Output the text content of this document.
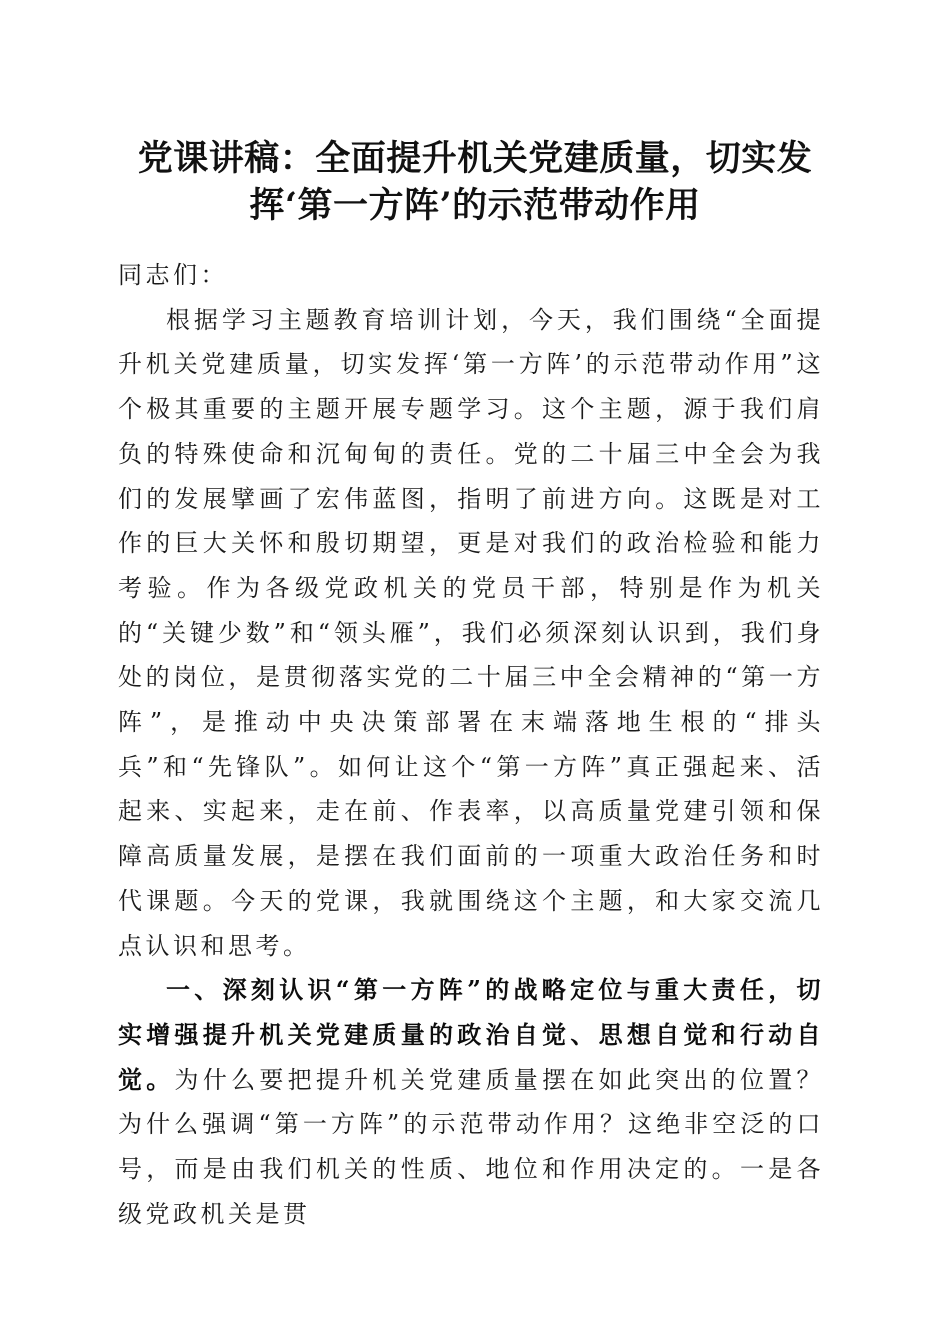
党课讲稿：全面提升机关党建质量，切实发挥‘第一方阵’的示范带动作用

同志们：

根据学习主题教育培训计划，今天，我们围绕“全面提升机关党建质量，切实发挥‘第一方阵’的示范带动作用”这个极其重要的主题开展专题学习。这个主题，源于我们肩负的特殊使命和沉甸甸的责任。党的二十届三中全会为我们的发展擘画了宏伟蓝图，指明了前进方向。这既是对工作的巨大关怀和殷切期望，更是对我们的政治检验和能力考验。作为各级党政机关的党员干部，特别是作为机关的“关键少数”和“领头雁”，我们必须深刻认识到，我们身处的岗位，是贯彻落实党的二十届三中全会精神的“第一方阵”，是推动中央决策部署在末端落地生根的“排头兵”和“先锋队”。如何让这个“第一方阵”真正强起来、活起来、实起来，走在前、作表率，以高质量党建引领和保障高质量发展，是摆在我们面前的一项重大政治任务和时代课题。今天的党课，我就围绕这个主题，和大家交流几点认识和思考。

一、深刻认识“第一方阵”的战略定位与重大责任，切实增强提升机关党建质量的政治自觉、思想自觉和行动自觉。为什么要把提升机关党建质量摆在如此突出的位置？为什么强调“第一方阵”的示范带动作用？这绝非空泛的口号，而是由我们机关的性质、地位和作用决定的。一是各级党政机关是贯
